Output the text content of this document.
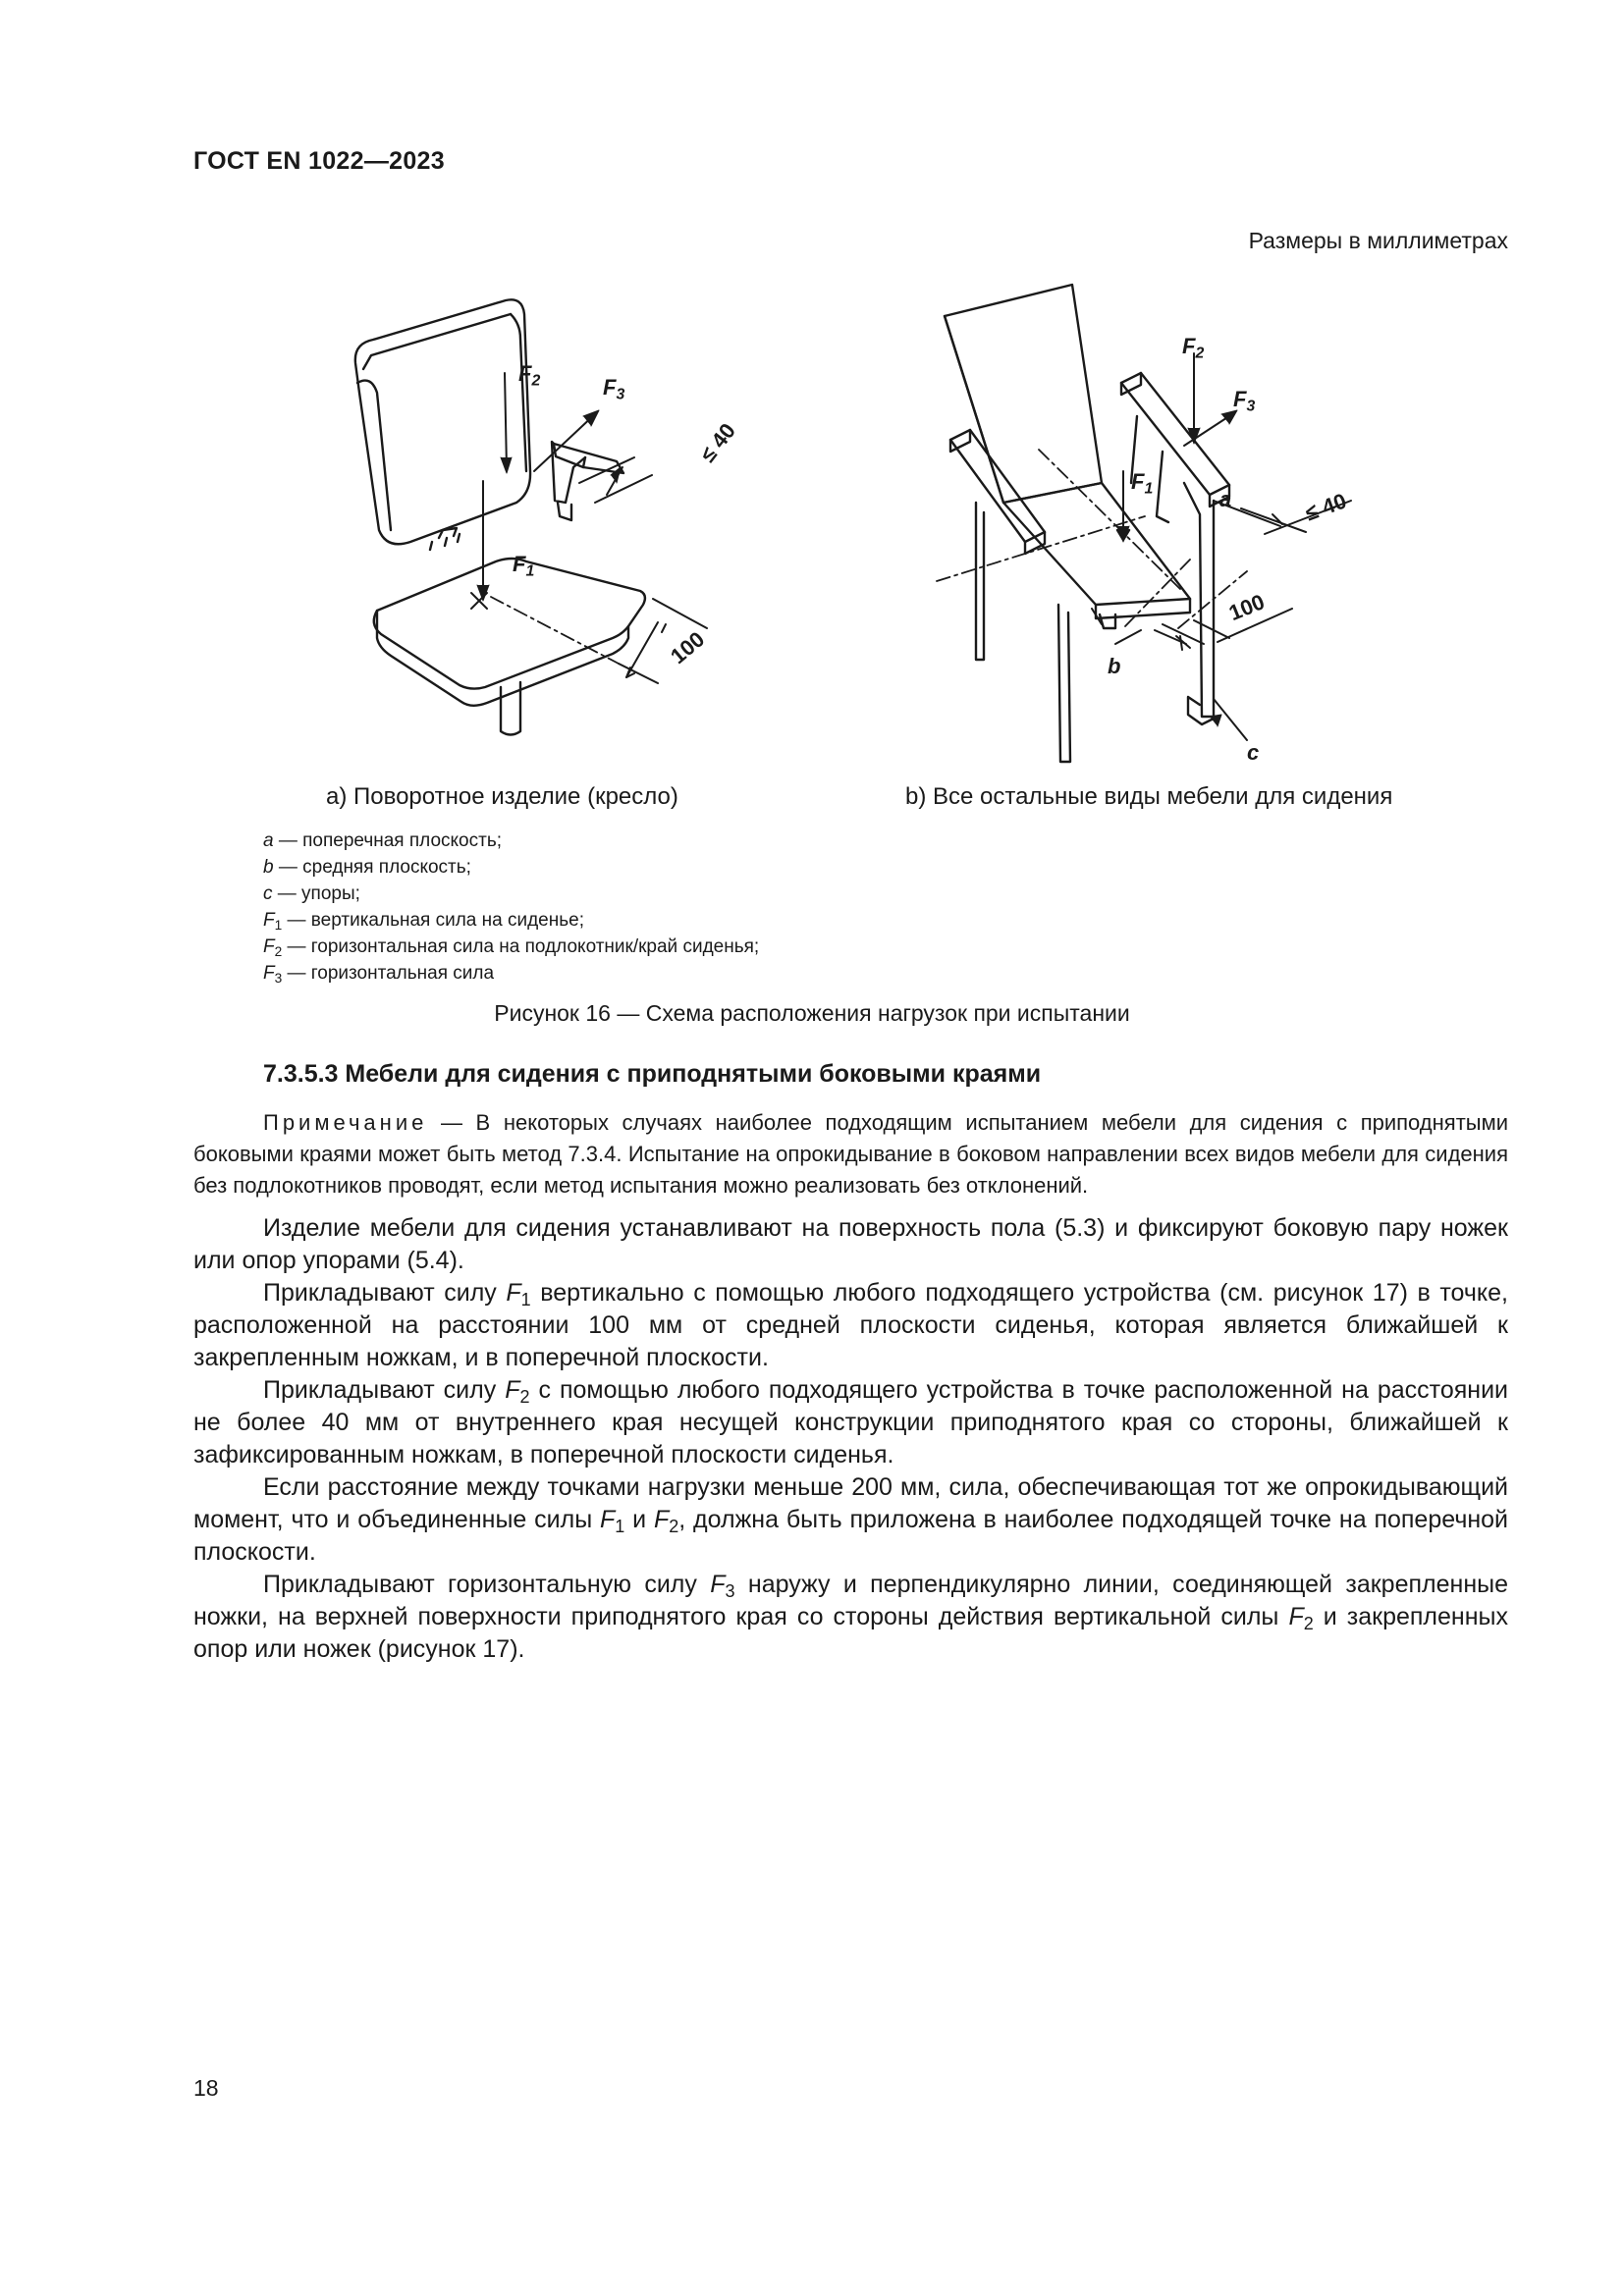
ГОСТ EN 1022—2023
Размеры в миллиметрах
$F_2$	$F_3$
$F_1$
≤ 40
100
$F_2$
$F_3$
$F_1$	a
b
c
≤ 40
100
а) Поворотное изделие (кресло)	b) Все остальные виды мебели для сидения
a — поперечная плоскость;
b — средняя плоскость;
c — упоры;
$F_1$ — вертикальная сила на сиденье;
$F_2$ — горизонтальная сила на подлокотник/край сиденья;
$F_3$ — горизонтальная сила
Рисунок 16 — Схема расположения нагрузок при испытании
7.3.5.3 Мебели для сидения с приподнятыми боковыми краями
Примечание — В некоторых случаях наиболее подходящим испытанием мебели для сидения с приподнятыми боковыми краями может быть метод 7.3.4. Испытание на опрокидывание в боковом направлении всех видов мебели для сидения без подлокотников проводят, если метод испытания можно реализовать без отклонений.

Изделие мебели для сидения устанавливают на поверхность пола (5.3) и фиксируют боковую пару ножек или опор упорами (5.4).

Прикладывают силу $F_1$ вертикально с помощью любого подходящего устройства (см. рисунок 17) в точке, расположенной на расстоянии 100 мм от средней плоскости сиденья, которая является ближайшей к закрепленным ножкам, и в поперечной плоскости.

Прикладывают силу $F_2$ с помощью любого подходящего устройства в точке расположенной на расстоянии не более 40 мм от внутреннего края несущей конструкции приподнятого края со стороны, ближайшей к зафиксированным ножкам, в поперечной плоскости сиденья.

Если расстояние между точками нагрузки меньше 200 мм, сила, обеспечивающая тот же опрокидывающий момент, что и объединенные силы $F_1$ и $F_2$, должна быть приложена в наиболее подходящей точке на поперечной плоскости.

Прикладывают горизонтальную силу $F_3$ наружу и перпендикулярно линии, соединяющей закрепленные ножки, на верхней поверхности приподнятого края со стороны действия вертикальной силы $F_2$ и закрепленных опор или ножек (рисунок 17).

18
